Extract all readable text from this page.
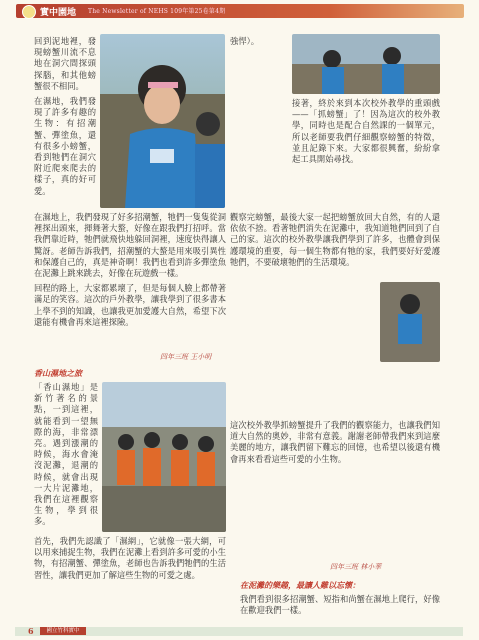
實中園地 The Newsletter of NEHS 109年第25卷第4期

回到泥地裡，發現螃蟹川流不息地在洞穴間探頭探腦，和其他螃蟹很不相同。

在濕地，我們發現了許多有趣的生物：有招潮蟹、彈塗魚，還有很多小螃蟹，看到牠們在洞穴附近爬來爬去的樣子，真的好可愛。

強悍）。

接著，終於來到本次校外教學的重頭戲——「抓螃蟹」了！因為這次的校外教學，同時也是配合自然課的一個單元，所以老師要我們仔細觀察螃蟹的特徵，並且記錄下來。大家都很興奮，紛紛拿起工具開始尋找。

在濕地上，我們發現了好多招潮蟹，牠們一隻隻從洞裡探出頭來，揮舞著大螯，好像在跟我們打招呼。當我們靠近時，牠們就飛快地躲回洞裡，速度快得讓人驚訝。老師告訴我們，招潮蟹的大螯是用來吸引異性和保護自己的，真是神奇啊！我們也看到許多彈塗魚在泥灘上跳來跳去，好像在玩遊戲一樣。

回程的路上，大家都累壞了，但是每個人臉上都帶著滿足的笑容。這次的戶外教學，讓我學到了很多書本上學不到的知識，也讓我更加愛護大自然，希望下次還能有機會再來這裡探險。

四年三班 王小明
香山濕地之旅

「香山濕地」是新竹著名的景點，一到這裡，就能看到一望無際的海，非常漂亮。遇到漲潮的時候，海水會淹沒泥灘，退潮的時候，就會出現一大片泥灘地，我們在這裡觀察生物，學到很多。

首先，我們先認識了「濕網」，它就像一張大網，可以用來捕捉生物，我們在泥灘上看到許多可愛的小生物，有招潮蟹、彈塗魚，老師也告訴我們牠們的生活習性，讓我們更加了解這些生物的可愛之處。

觀察完螃蟹，最後大家一起把螃蟹放回大自然，有的人還依依不捨。看著牠們消失在泥灘中，我知道牠們回到了自己的家。這次的校外教學讓我們學到了許多，也體會到保護環境的重要，每一個生物都有牠的家，我們要好好愛護牠們，不要破壞牠們的生活環境。

這次校外教學抓螃蟹提升了我們的觀察能力，也讓我們知道大自然的奧妙，非常有意義。謝謝老師帶我們來到這麼美麗的地方，讓我們留下難忘的回憶，也希望以後還有機會再來看看這些可愛的小生物。

四年三班 林小華
在泥灘的樂趣，最讓人難以忘懷：

我們看到很多招潮蟹、短指和尚蟹在濕地上爬行，好像在歡迎我們一樣。

6	國立竹科實中
